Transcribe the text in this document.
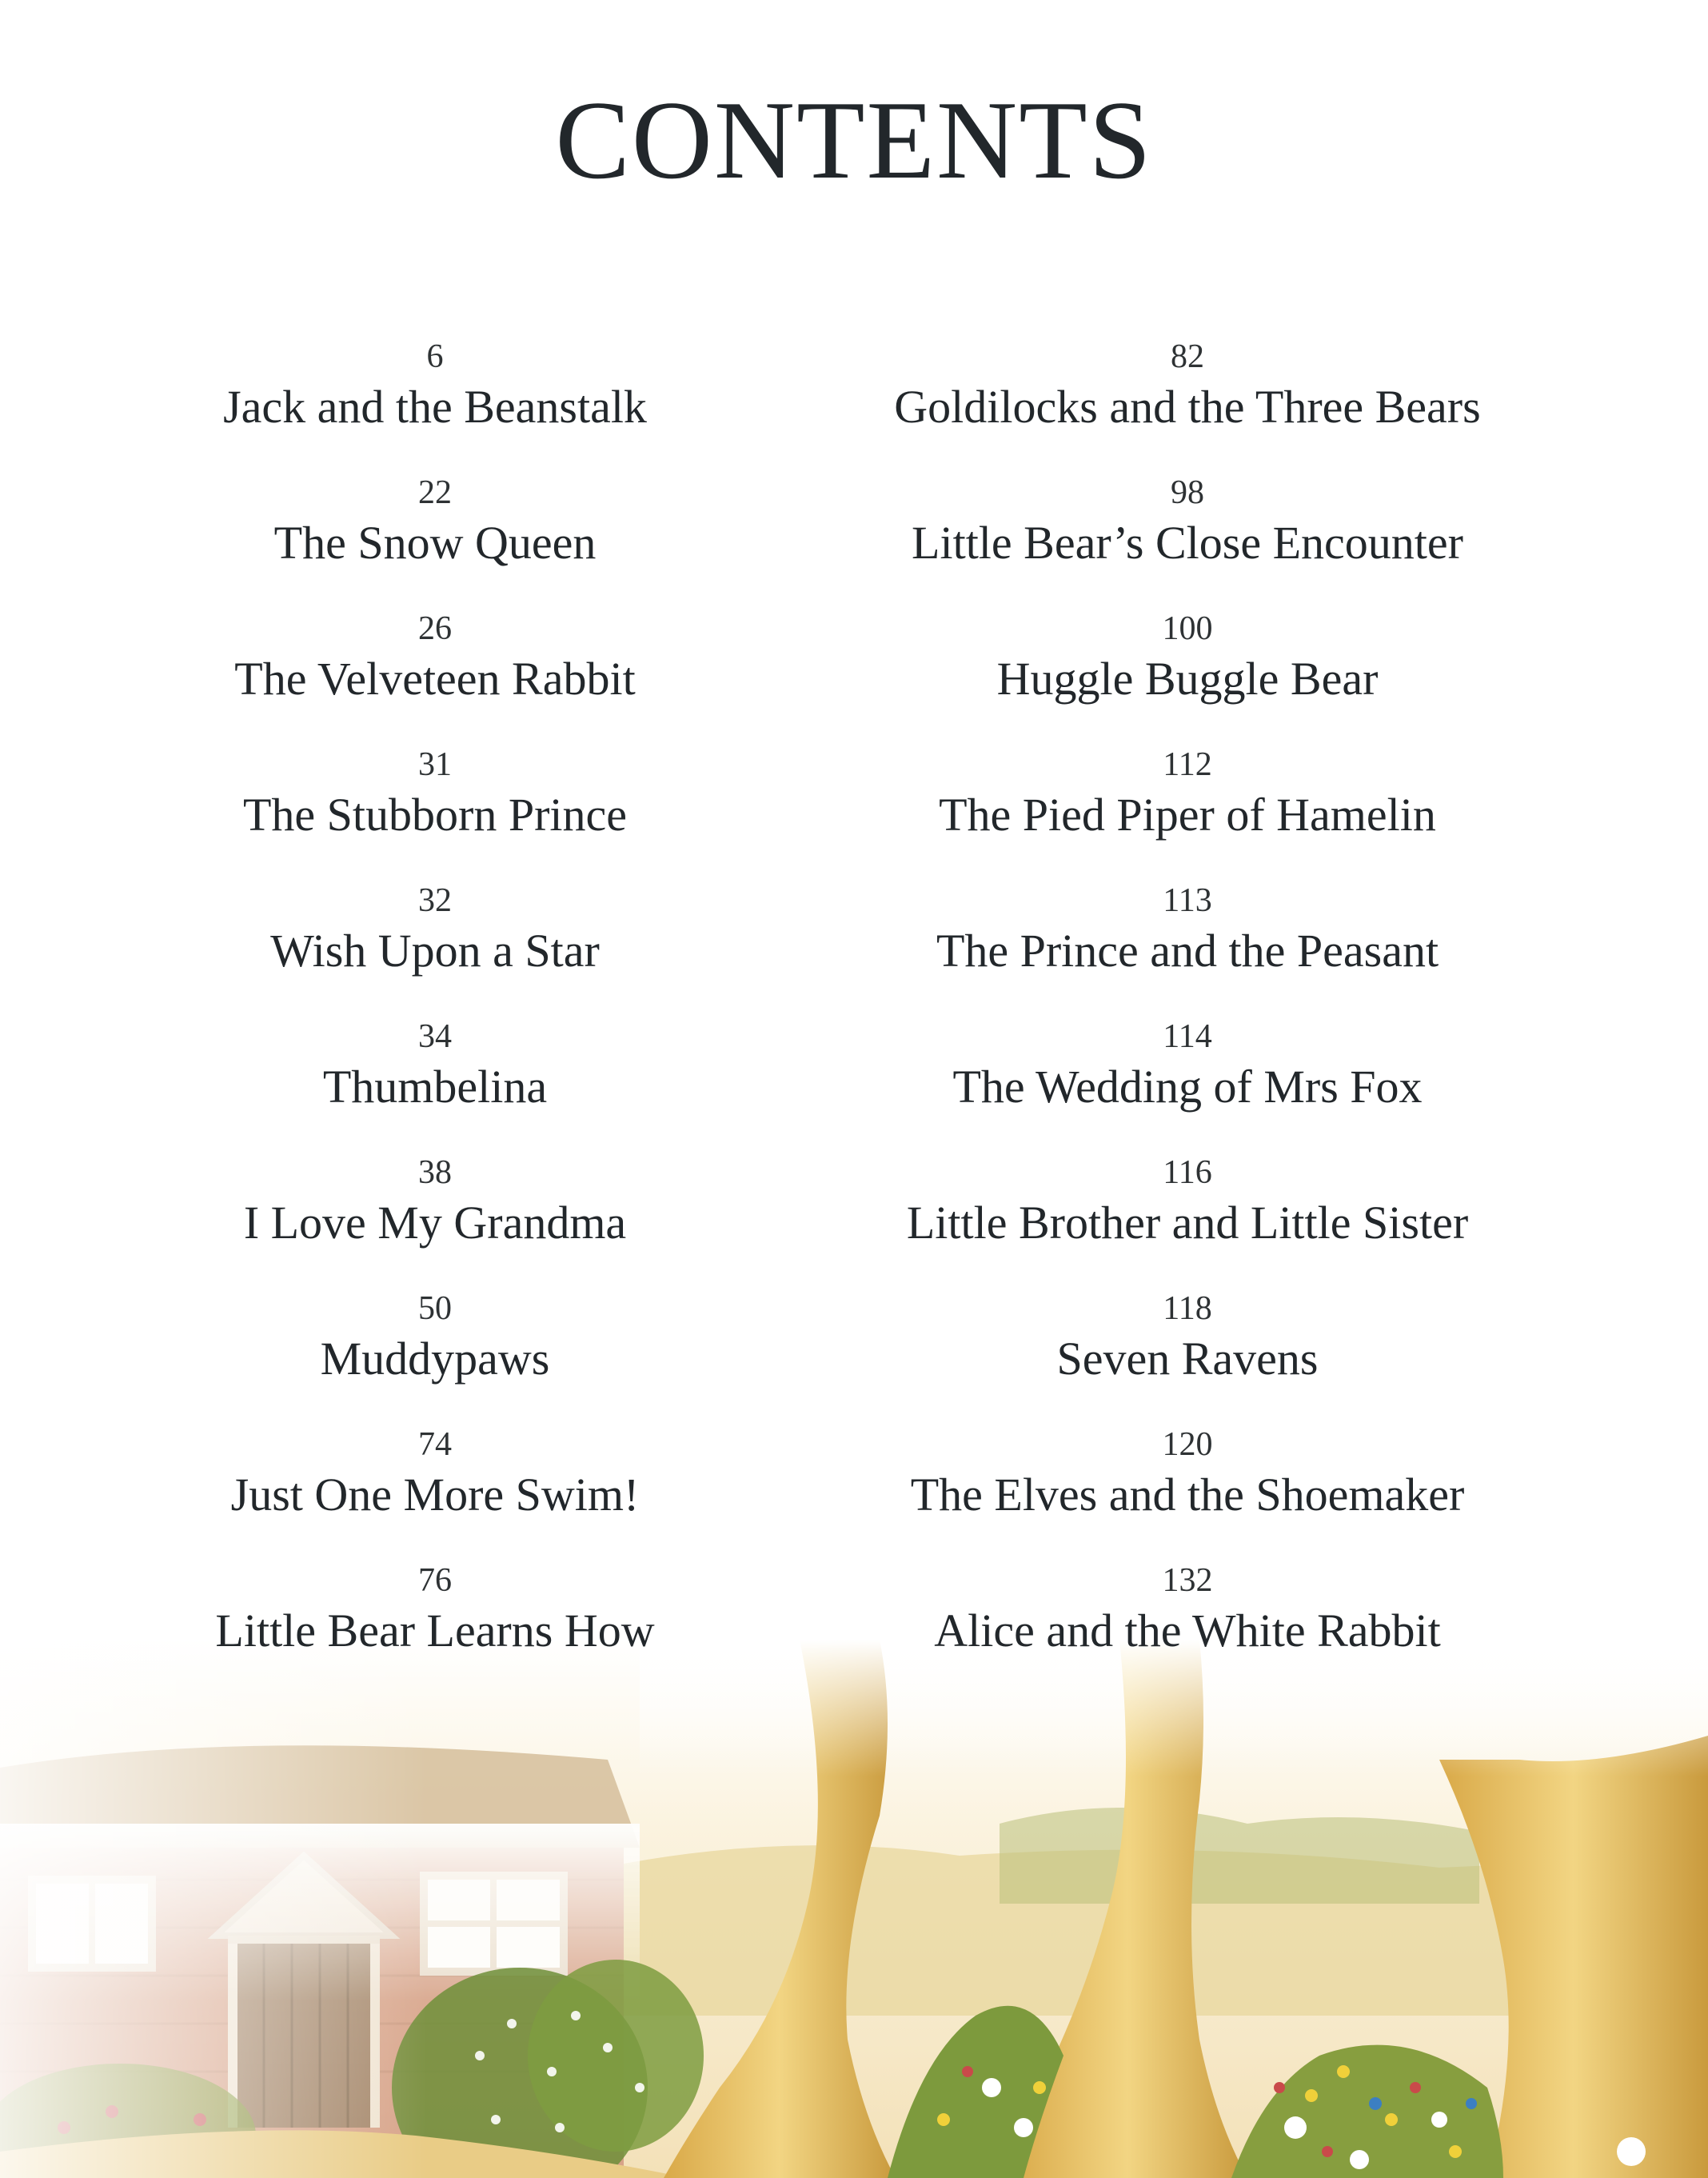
CONTENTS
6
Jack and the Beanstalk
22
The Snow Queen
26
The Velveteen Rabbit
31
The Stubborn Prince
32
Wish Upon a Star
34
Thumbelina
38
I Love My Grandma
50
Muddypaws
74
Just One More Swim!
76
Little Bear Learns How
82
Goldilocks and the Three Bears
98
Little Bear’s Close Encounter
100
Huggle Buggle Bear
112
The Pied Piper of Hamelin
113
The Prince and the Peasant
114
The Wedding of Mrs Fox
116
Little Brother and Little Sister
118
Seven Ravens
120
The Elves and the Shoemaker
132
Alice and the White Rabbit
